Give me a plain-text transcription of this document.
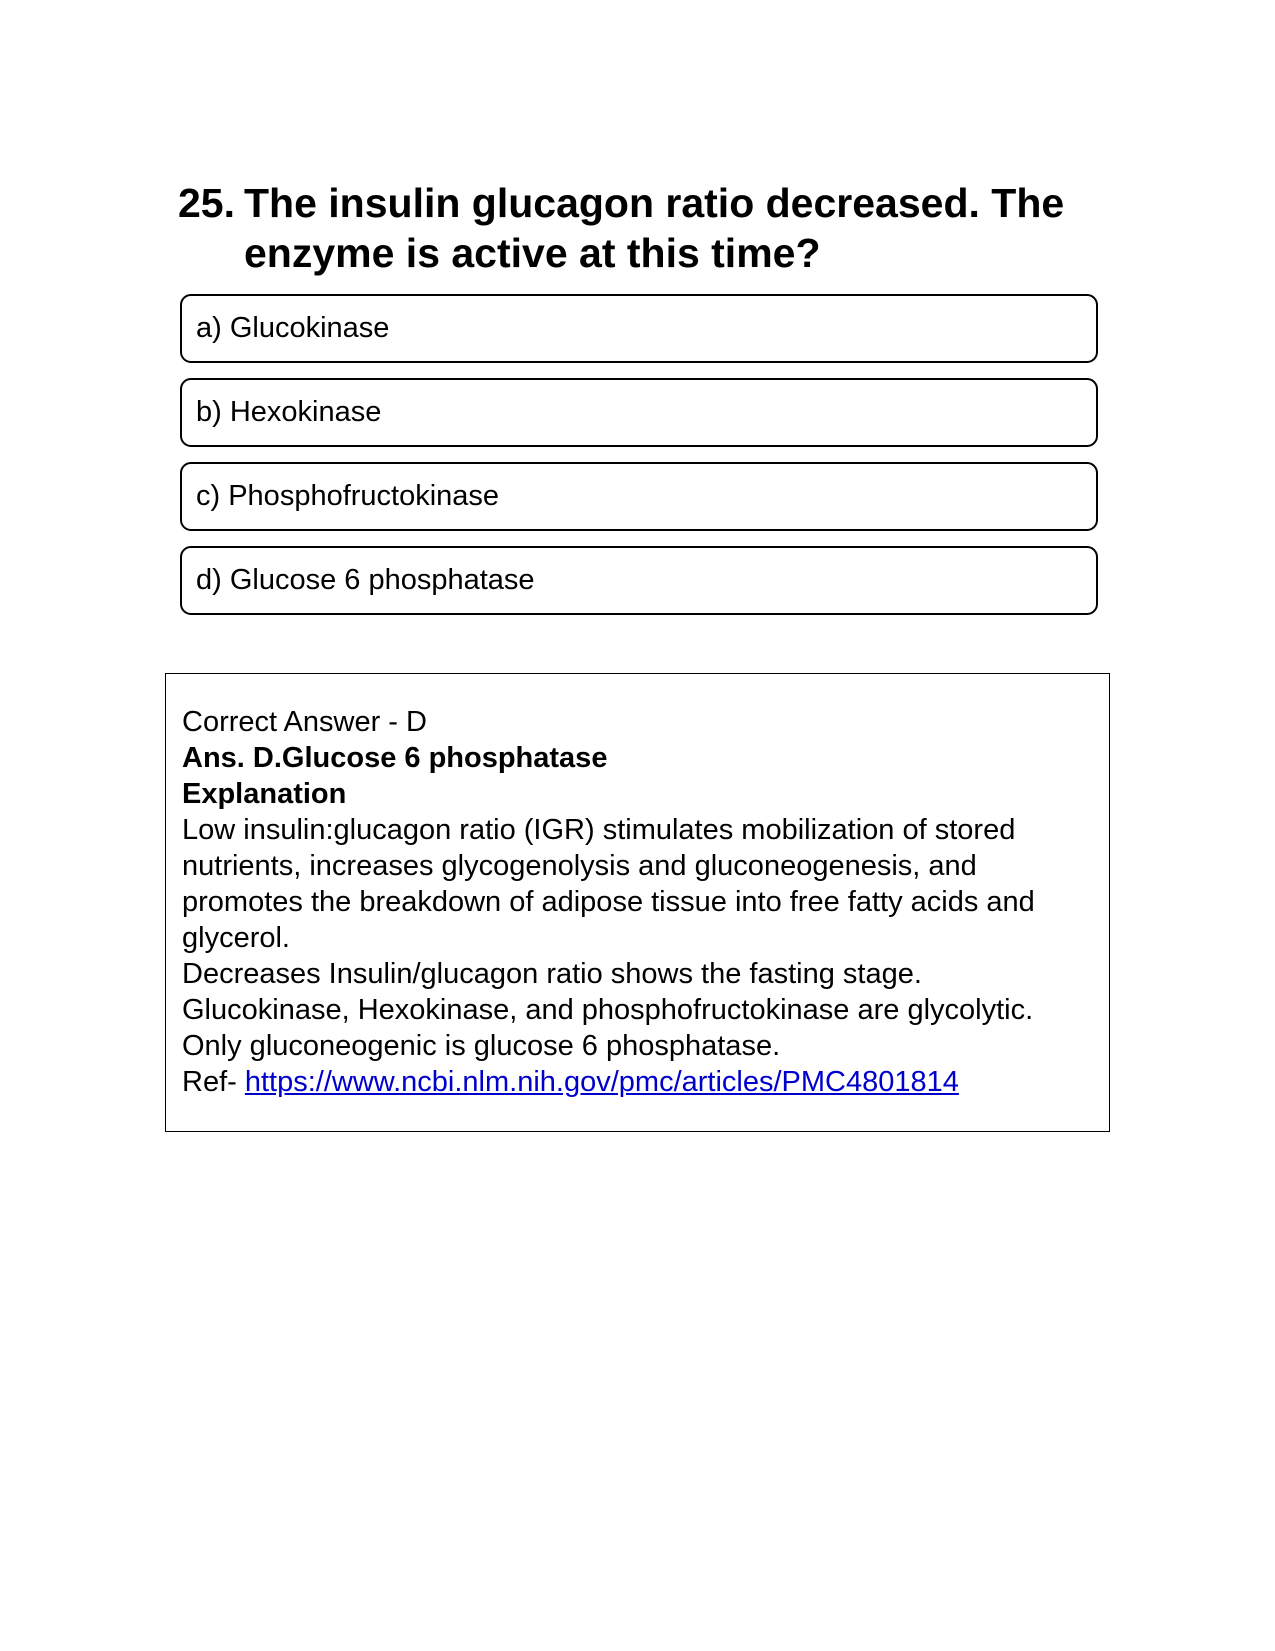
25. The insulin glucagon ratio decreased. The enzyme is active at this time?
a) Glucokinase
b) Hexokinase
c) Phosphofructokinase
d) Glucose 6 phosphatase
Correct Answer - D
Ans. D.Glucose 6 phosphatase
Explanation
Low insulin:glucagon ratio (IGR) stimulates mobilization of stored nutrients, increases glycogenolysis and gluconeogenesis, and promotes the breakdown of adipose tissue into free fatty acids and glycerol.
Decreases Insulin/glucagon ratio shows the fasting stage.
Glucokinase, Hexokinase, and phosphofructokinase are glycolytic.
Only gluconeogenic is glucose 6 phosphatase.
Ref- https://www.ncbi.nlm.nih.gov/pmc/articles/PMC4801814
